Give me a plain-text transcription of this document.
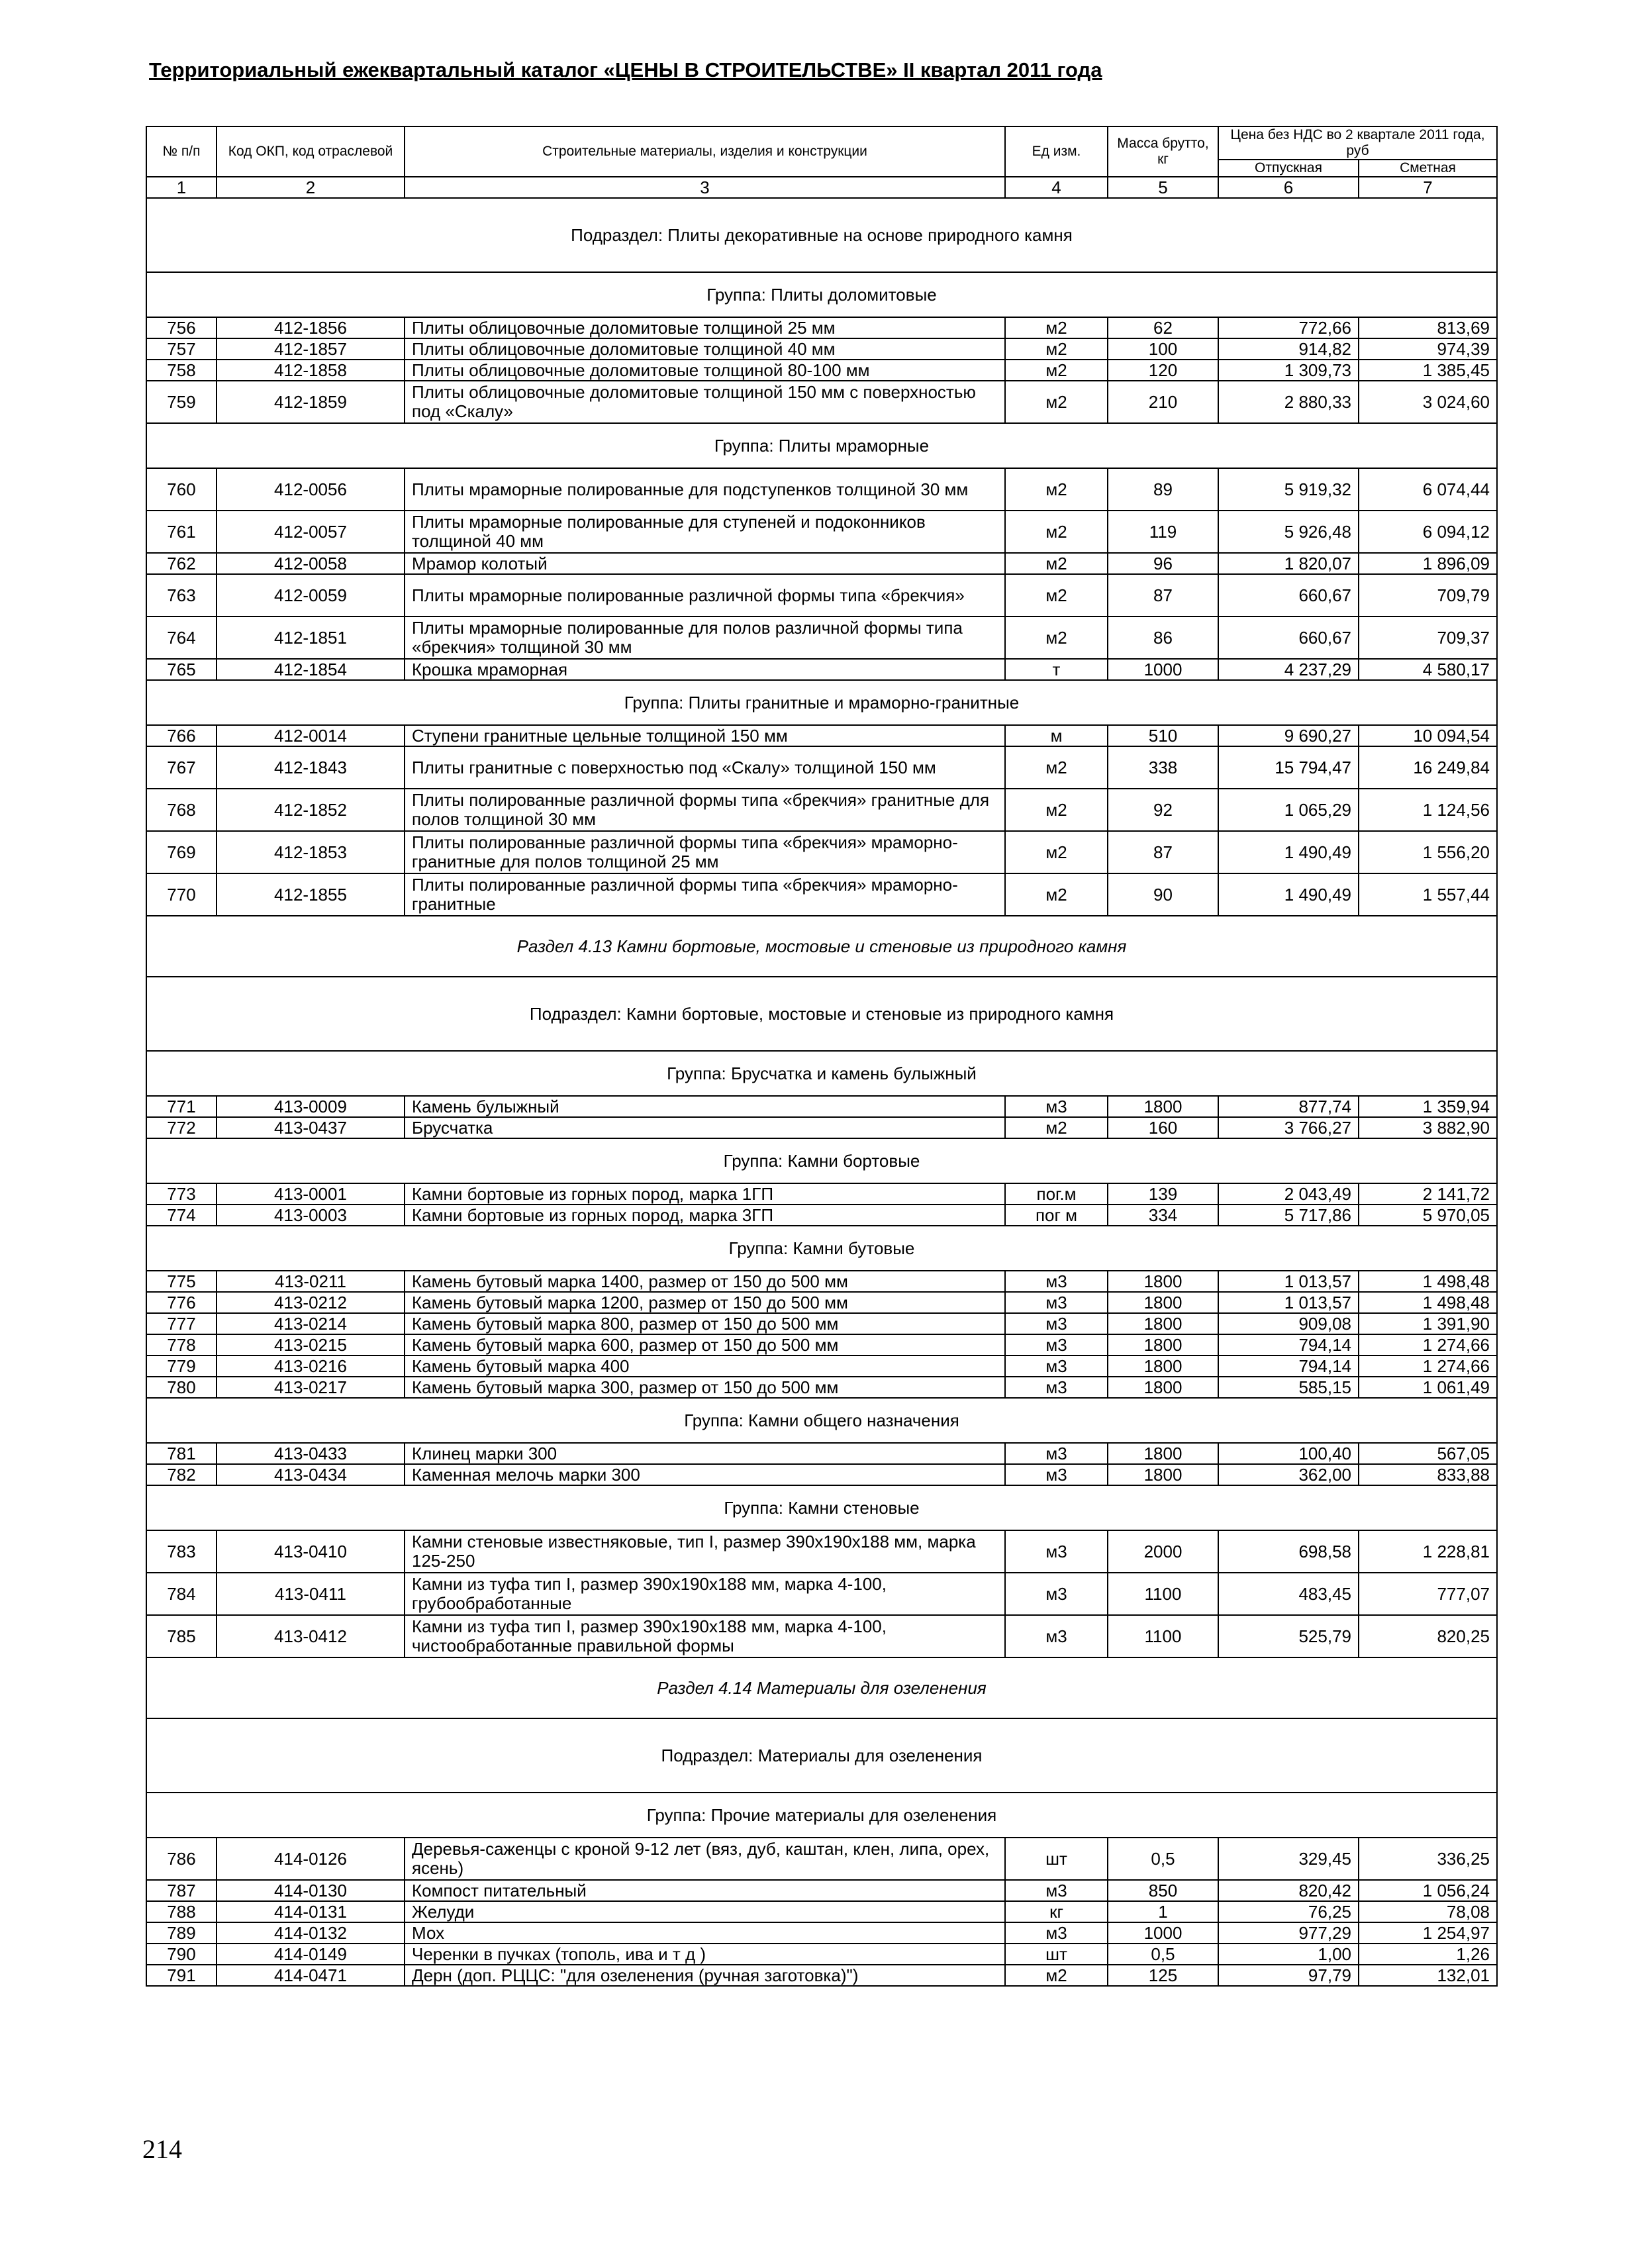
Территориальный ежеквартальный каталог «ЦЕНЫ В СТРОИТЕЛЬСТВЕ» II квартал 2011 года
№ п/п	Код ОКП, код отраслевой	Строительные материалы, изделия и конструкции	Ед изм.	Масса брутто, кг	Цена без НДС во 2 квартале 2011 года, руб	
					Отпускная	Сметная
1	2	3	4	5	6	7
Подраздел: Плиты декоративные на основе природного камня						
Группа: Плиты доломитовые						
756	412-1856	Плиты облицовочные доломитовые толщиной 25 мм	м2	62	772,66	813,69
757	412-1857	Плиты облицовочные доломитовые толщиной 40 мм	м2	100	914,82	974,39
758	412-1858	Плиты облицовочные доломитовые толщиной 80-100 мм	м2	120	1 309,73	1 385,45
759	412-1859	Плиты облицовочные доломитовые толщиной 150 мм с поверхностью под «Скалу»	м2	210	2 880,33	3 024,60
Группа: Плиты мраморные						
760	412-0056	Плиты мраморные полированные для подступенков толщиной 30 мм	м2	89	5 919,32	6 074,44
761	412-0057	Плиты мраморные полированные для ступеней и подоконников толщиной 40 мм	м2	119	5 926,48	6 094,12
762	412-0058	Мрамор колотый	м2	96	1 820,07	1 896,09
763	412-0059	Плиты мраморные полированные различной формы типа «брекчия»	м2	87	660,67	709,79
764	412-1851	Плиты мраморные полированные для полов различной формы типа «брекчия» толщиной 30 мм	м2	86	660,67	709,37
765	412-1854	Крошка мраморная	т	1000	4 237,29	4 580,17
Группа: Плиты гранитные и мраморно-гранитные						
766	412-0014	Ступени гранитные цельные толщиной 150 мм	м	510	9 690,27	10 094,54
767	412-1843	Плиты гранитные с поверхностью под «Скалу» толщиной 150 мм	м2	338	15 794,47	16 249,84
768	412-1852	Плиты полированные различной формы типа «брекчия» гранитные для полов толщиной 30 мм	м2	92	1 065,29	1 124,56
769	412-1853	Плиты полированные различной формы типа «брекчия» мраморно-гранитные для полов толщиной 25 мм	м2	87	1 490,49	1 556,20
770	412-1855	Плиты полированные различной формы типа «брекчия» мраморно-гранитные	м2	90	1 490,49	1 557,44
Раздел 4.13 Камни бортовые, мостовые и стеновые из природного камня						
Подраздел: Камни бортовые, мостовые и стеновые из природного камня						
Группа: Брусчатка и камень булыжный						
771	413-0009	Камень булыжный	м3	1800	877,74	1 359,94
772	413-0437	Брусчатка	м2	160	3 766,27	3 882,90
Группа: Камни бортовые						
773	413-0001	Камни бортовые из горных пород, марка 1ГП	пог.м	139	2 043,49	2 141,72
774	413-0003	Камни бортовые из горных пород, марка 3ГП	пог м	334	5 717,86	5 970,05
Группа: Камни бутовые						
775	413-0211	Камень бутовый марка 1400, размер от 150 до 500 мм	м3	1800	1 013,57	1 498,48
776	413-0212	Камень бутовый марка 1200, размер от 150 до 500 мм	м3	1800	1 013,57	1 498,48
777	413-0214	Камень бутовый марка 800, размер от 150 до 500 мм	м3	1800	909,08	1 391,90
778	413-0215	Камень бутовый марка 600, размер от 150 до 500 мм	м3	1800	794,14	1 274,66
779	413-0216	Камень бутовый марка 400	м3	1800	794,14	1 274,66
780	413-0217	Камень бутовый марка 300, размер от 150 до 500 мм	м3	1800	585,15	1 061,49
Группа: Камни общего назначения						
781	413-0433	Клинец марки 300	м3	1800	100,40	567,05
782	413-0434	Каменная мелочь марки 300	м3	1800	362,00	833,88
Группа: Камни стеновые						
783	413-0410	Камни стеновые известняковые, тип I, размер 390х190х188 мм, марка 125-250	м3	2000	698,58	1 228,81
784	413-0411	Камни из туфа тип I, размер 390х190х188 мм, марка 4-100, грубообработанные	м3	1100	483,45	777,07
785	413-0412	Камни из туфа тип I, размер 390х190х188 мм, марка 4-100, чистообработанные правильной формы	м3	1100	525,79	820,25
Раздел 4.14 Материалы для озеленения						
Подраздел: Материалы для озеленения						
Группа: Прочие материалы для озеленения						
786	414-0126	Деревья-саженцы с кроной 9-12 лет (вяз, дуб, каштан, клен, липа, орех, ясень)	шт	0,5	329,45	336,25
787	414-0130	Компост питательный	м3	850	820,42	1 056,24
788	414-0131	Желуди	кг	1	76,25	78,08
789	414-0132	Мох	м3	1000	977,29	1 254,97
790	414-0149	Черенки в пучках (тополь, ива и т д )	шт	0,5	1,00	1,26
791	414-0471	Дерн (доп. РЦЦС: "для озеленения (ручная заготовка)")	м2	125	97,79	132,01
214
